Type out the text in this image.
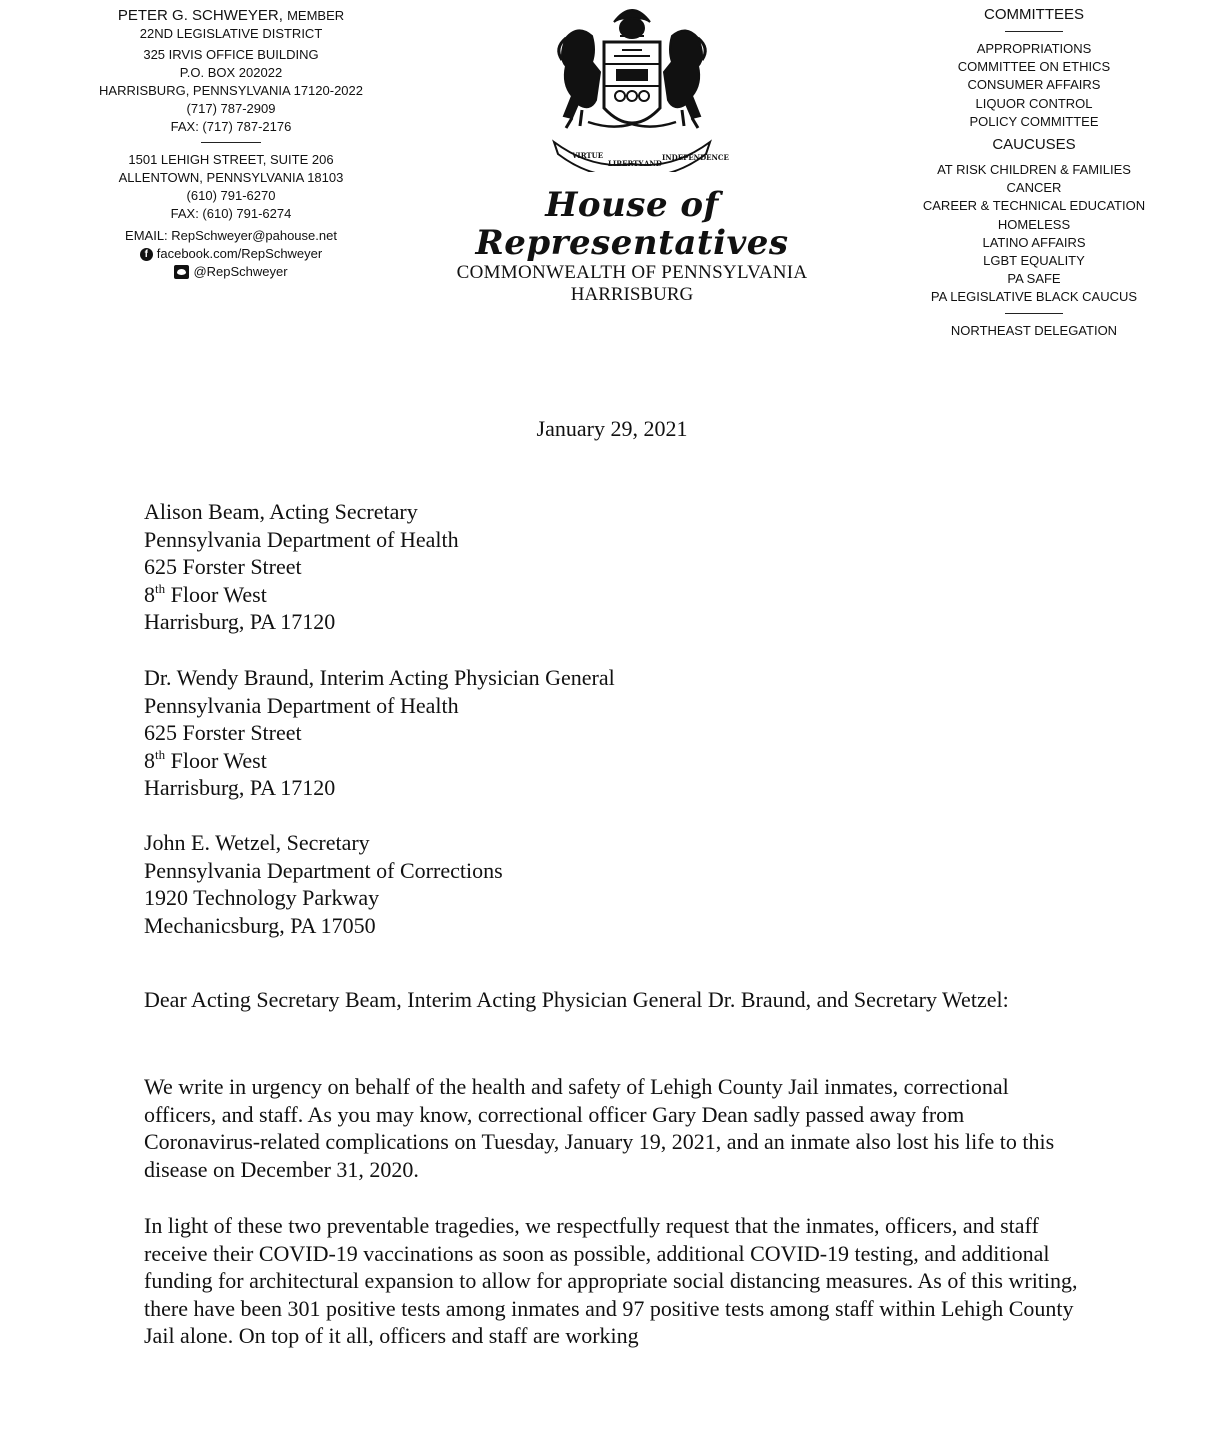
PETER G. SCHWEYER, MEMBER
22ND LEGISLATIVE DISTRICT
325 IRVIS OFFICE BUILDING
P.O. BOX 202022
HARRISBURG, PENNSYLVANIA 17120-2022
(717) 787-2909
FAX: (717) 787-2176
1501 LEHIGH STREET, SUITE 206
ALLENTOWN, PENNSYLVANIA 18103
(610) 791-6270
FAX: (610) 791-6274
EMAIL: RepSchweyer@pahouse.net
f facebook.com/RepSchweyer
@RepSchweyer
VIRTUE
LIBERTY AND
INDEPENDENCE
House of Representatives
COMMONWEALTH OF PENNSYLVANIA
HARRISBURG
COMMITTEES
APPROPRIATIONS
COMMITTEE ON ETHICS
CONSUMER AFFAIRS
LIQUOR CONTROL
POLICY COMMITTEE
CAUCUSES
AT RISK CHILDREN & FAMILIES
CANCER
CAREER & TECHNICAL EDUCATION
HOMELESS
LATINO AFFAIRS
LGBT EQUALITY
PA SAFE
PA LEGISLATIVE BLACK CAUCUS
NORTHEAST DELEGATION
January 29, 2021
Alison Beam, Acting Secretary
Pennsylvania Department of Health
625 Forster Street
8th Floor West
Harrisburg, PA 17120
Dr. Wendy Braund, Interim Acting Physician General
Pennsylvania Department of Health
625 Forster Street
8th Floor West
Harrisburg, PA 17120
John E. Wetzel, Secretary
Pennsylvania Department of Corrections
1920 Technology Parkway
Mechanicsburg, PA 17050
Dear Acting Secretary Beam, Interim Acting Physician General Dr. Braund, and Secretary Wetzel:
We write in urgency on behalf of the health and safety of Lehigh County Jail inmates, correctional officers, and staff. As you may know, correctional officer Gary Dean sadly passed away from Coronavirus-related complications on Tuesday, January 19, 2021, and an inmate also lost his life to this disease on December 31, 2020.
In light of these two preventable tragedies, we respectfully request that the inmates, officers, and staff receive their COVID-19 vaccinations as soon as possible, additional COVID-19 testing, and additional funding for architectural expansion to allow for appropriate social distancing measures. As of this writing, there have been 301 positive tests among inmates and 97 positive tests among staff within Lehigh County Jail alone. On top of it all, officers and staff are working
